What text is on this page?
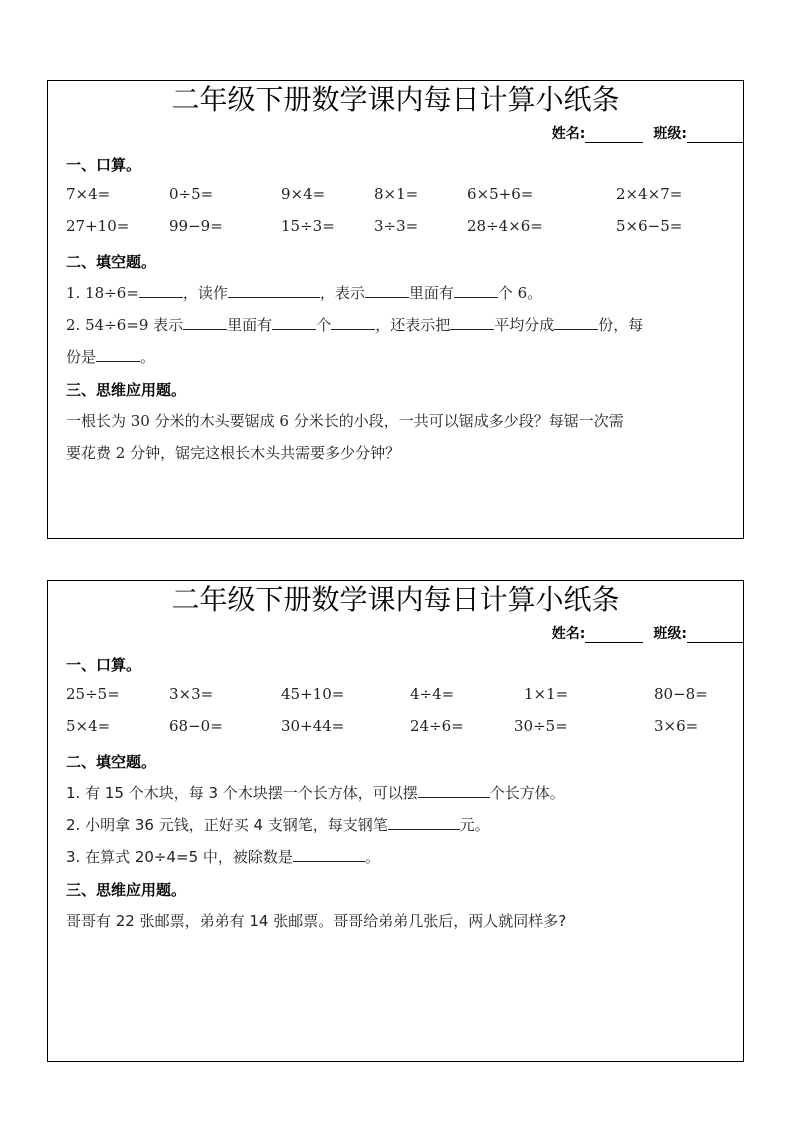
二年级下册数学课内每日计算小纸条
姓名:	班级:
一、口算。
7×4=	0÷5=	9×4=	8×1=	6×5+6=	2×4×7=
27+10=	99−9=	15÷3=	3÷3=	28÷4×6=	5×6−5=
二、填空题。
1. 18÷6=	，读作	，表示	里面有	个 6。
2. 54÷6=9 表示	里面有	个	，还表示把	平均分成	份，每
份是	。
三、思维应用题。
一根长为 30 分米的木头要锯成 6 分米长的小段，一共可以锯成多少段？每锯一次需
要花费 2 分钟，锯完这根长木头共需要多少分钟？
二年级下册数学课内每日计算小纸条
姓名:	班级:
一、口算。
25÷5=	3×3=	45+10=	4÷4=	1×1=	80−8=
5×4=	68−0=	30+44=	24÷6=	30÷5=	3×6=
二、填空题。
1. 有 15 个木块，每 3 个木块摆一个长方体，可以摆	个长方体。
2. 小明拿 36 元钱，正好买 4 支钢笔，每支钢笔	元。
3. 在算式 20÷4=5 中，被除数是	。
三、思维应用题。
哥哥有 22 张邮票，弟弟有 14 张邮票。哥哥给弟弟几张后，两人就同样多?
